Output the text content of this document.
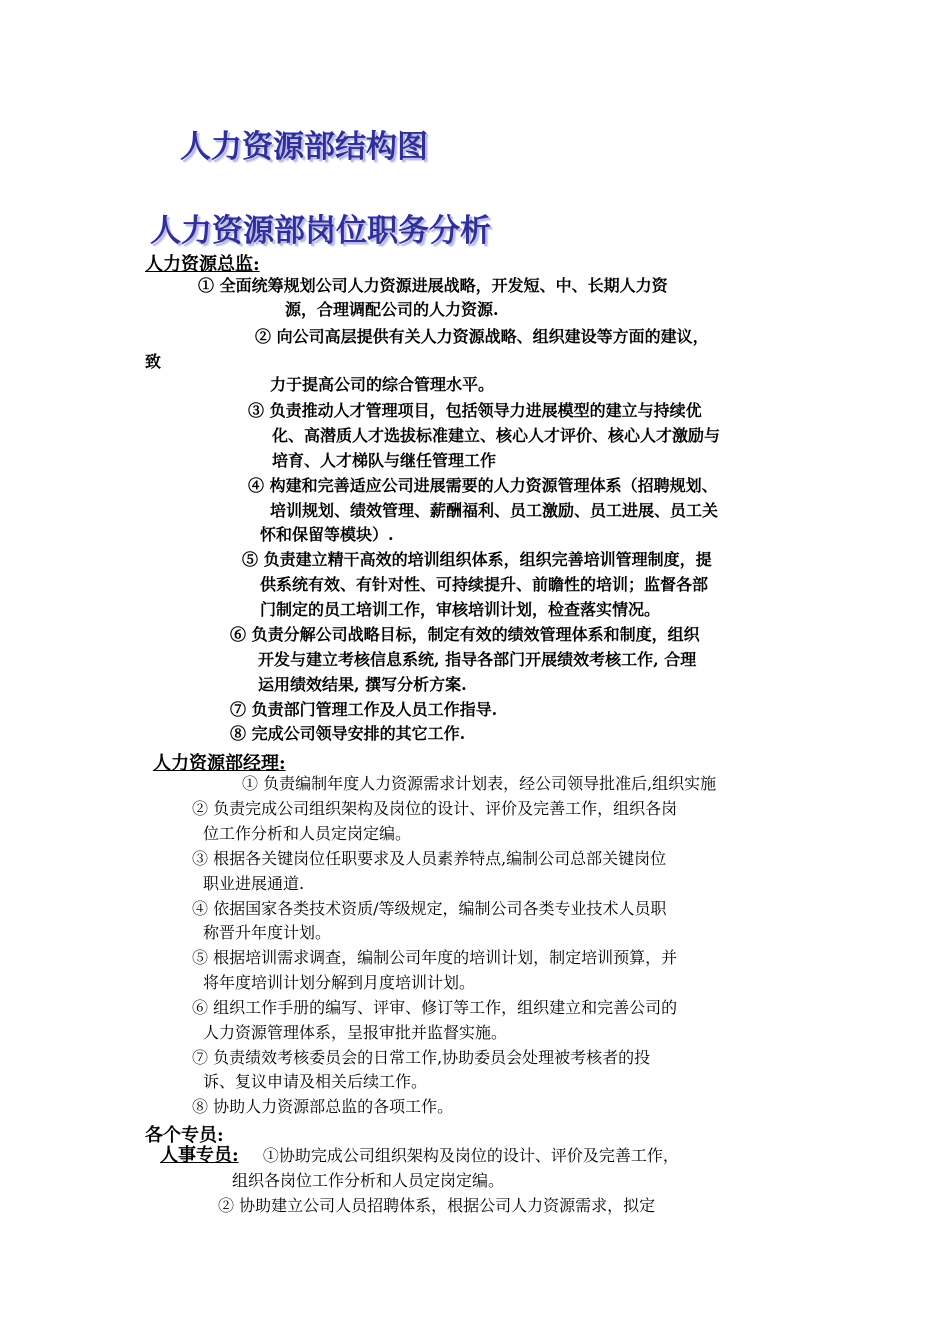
人力资源部结构图
人力资源部岗位职务分析
人力资源总监:

① 全面统筹规划公司人力资源进展战略，开发短、中、长期人力资

源，合理调配公司的人力资源.

② 向公司高层提供有关人力资源战略、组织建设等方面的建议，

致

力于提高公司的综合管理水平。

③ 负责推动人才管理项目，包括领导力进展模型的建立与持续优

化、高潜质人才选拔标准建立、核心人才评价、核心人才激励与

培育、人才梯队与继任管理工作

④ 构建和完善适应公司进展需要的人力资源管理体系（招聘规划、

培训规划、绩效管理、薪酬福利、员工激励、员工进展、员工关

怀和保留等模块）.

⑤ 负责建立精干高效的培训组织体系，组织完善培训管理制度，提

供系统有效、有针对性、可持续提升、前瞻性的培训；监督各部

门制定的员工培训工作，审核培训计划，检查落实情况。

⑥ 负责分解公司战略目标，制定有效的绩效管理体系和制度，组织

开发与建立考核信息系统, 指导各部门开展绩效考核工作, 合理

运用绩效结果, 撰写分析方案.

⑦ 负责部门管理工作及人员工作指导.

⑧ 完成公司领导安排的其它工作.

人力资源部经理:

① 负责编制年度人力资源需求计划表，经公司领导批准后,组织实施

② 负责完成公司组织架构及岗位的设计、评价及完善工作，组织各岗

位工作分析和人员定岗定编。

③ 根据各关键岗位任职要求及人员素养特点,编制公司总部关键岗位

职业进展通道.

④ 依据国家各类技术资质/等级规定，编制公司各类专业技术人员职

称晋升年度计划。

⑤ 根据培训需求调查，编制公司年度的培训计划，制定培训预算，并

将年度培训计划分解到月度培训计划。

⑥ 组织工作手册的编写、评审、修订等工作，组织建立和完善公司的

人力资源管理体系，呈报审批并监督实施。

⑦ 负责绩效考核委员会的日常工作,协助委员会处理被考核者的投

诉、复议申请及相关后续工作。

⑧ 协助人力资源部总监的各项工作。

各个专员:

人事专员: ①协助完成公司组织架构及岗位的设计、评价及完善工作，

组织各岗位工作分析和人员定岗定编。

② 协助建立公司人员招聘体系，根据公司人力资源需求，拟定
